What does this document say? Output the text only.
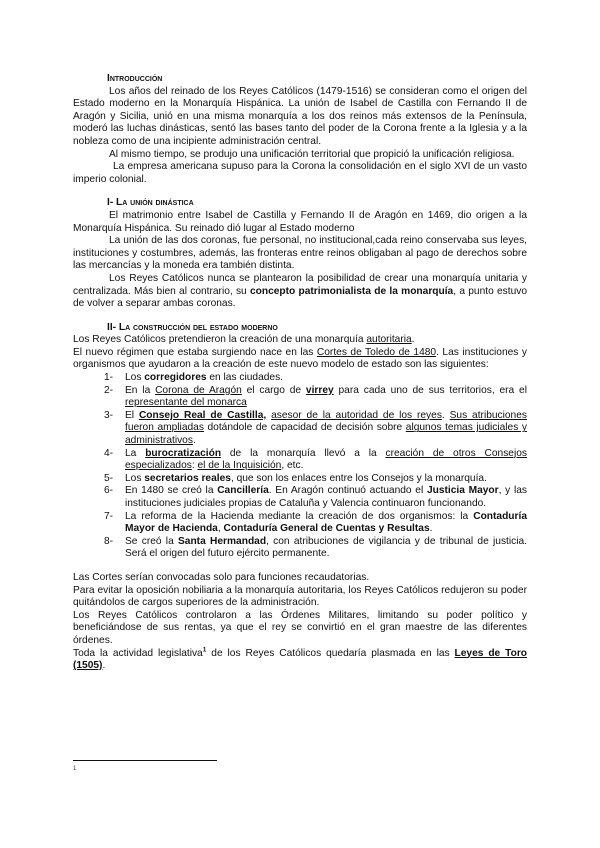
Introducción

Los años del reinado de los Reyes Católicos (1479-1516) se consideran como el origen del Estado moderno en la Monarquía Hispánica. La unión de Isabel de Castilla con Fernando II de Aragón y Sicilia, unió en una misma monarquía a los dos reinos más extensos de la Península, moderó las luchas dinásticas, sentó las bases tanto del poder de la Corona frente a la Iglesia y a la nobleza como de una incipiente administración central.

Al mismo tiempo, se produjo una unificación territorial que propició la unificación religiosa.

La empresa americana supuso para la Corona la consolidación en el siglo XVI de un vasto imperio colonial.

I- La unión dinástica

El matrimonio entre Isabel de Castilla y Fernando II de Aragón en 1469, dio origen a la Monarquía Hispánica. Su reinado dió lugar al Estado moderno

La unión de las dos coronas, fue personal, no institucional,cada reino conservaba sus leyes, instituciones y costumbres, además, las fronteras entre reinos obligaban al pago de derechos sobre las mercancías y la moneda era también distinta.

Los Reyes Católicos nunca se plantearon la posibilidad de crear una monarquía unitaria y centralizada. Más bien al contrario, su concepto patrimonialista de la monarquía, a punto estuvo de volver a separar ambas coronas.

II- La construcción del estado moderno

Los Reyes Católicos pretendieron la creación de una monarquía autoritaria.

El nuevo régimen que estaba surgiendo nace en las Cortes de Toledo de 1480. Las instituciones y organismos que ayudaron a la creación de este nuevo modelo de estado son las siguientes:

1- Los corregidores en las ciudades.
2- En la Corona de Aragón el cargo de virrey para cada uno de sus territorios, era el representante del monarca
3- El Consejo Real de Castilla, asesor de la autoridad de los reyes. Sus atribuciones fueron ampliadas dotándole de capacidad de decisión sobre algunos temas judiciales y administrativos.
4- La burocratización de la monarquía llevó a la creación de otros Consejos especializados: el de la Inquisición, etc.
5- Los secretarios reales, que son los enlaces entre los Consejos y la monarquía.
6- En 1480 se creó la Cancillería. En Aragón continuó actuando el Justicia Mayor, y las instituciones judiciales propias de Cataluña y Valencia continuaron funcionando.
7- La reforma de la Hacienda mediante la creación de dos organismos: la Contaduría Mayor de Hacienda, Contaduría General de Cuentas y Resultas.
8- Se creó la Santa Hermandad, con atribuciones de vigilancia y de tribunal de justicia. Será el origen del futuro ejército permanente.

Las Cortes serían convocadas solo para funciones recaudatorias.

Para evitar la oposición nobiliaria a la monarquía autoritaria, los Reyes Católicos redujeron su poder quitándolos de cargos superiores de la administración.

Los Reyes Católicos controlaron a las Órdenes Militares, limitando su poder político y beneficiándose de sus rentas, ya que el rey se convirtió en el gran maestre de las diferentes órdenes.

Toda la actividad legislativa$^1$ de los Reyes Católicos quedaría plasmada en las Leyes de Toro (1505).

1
